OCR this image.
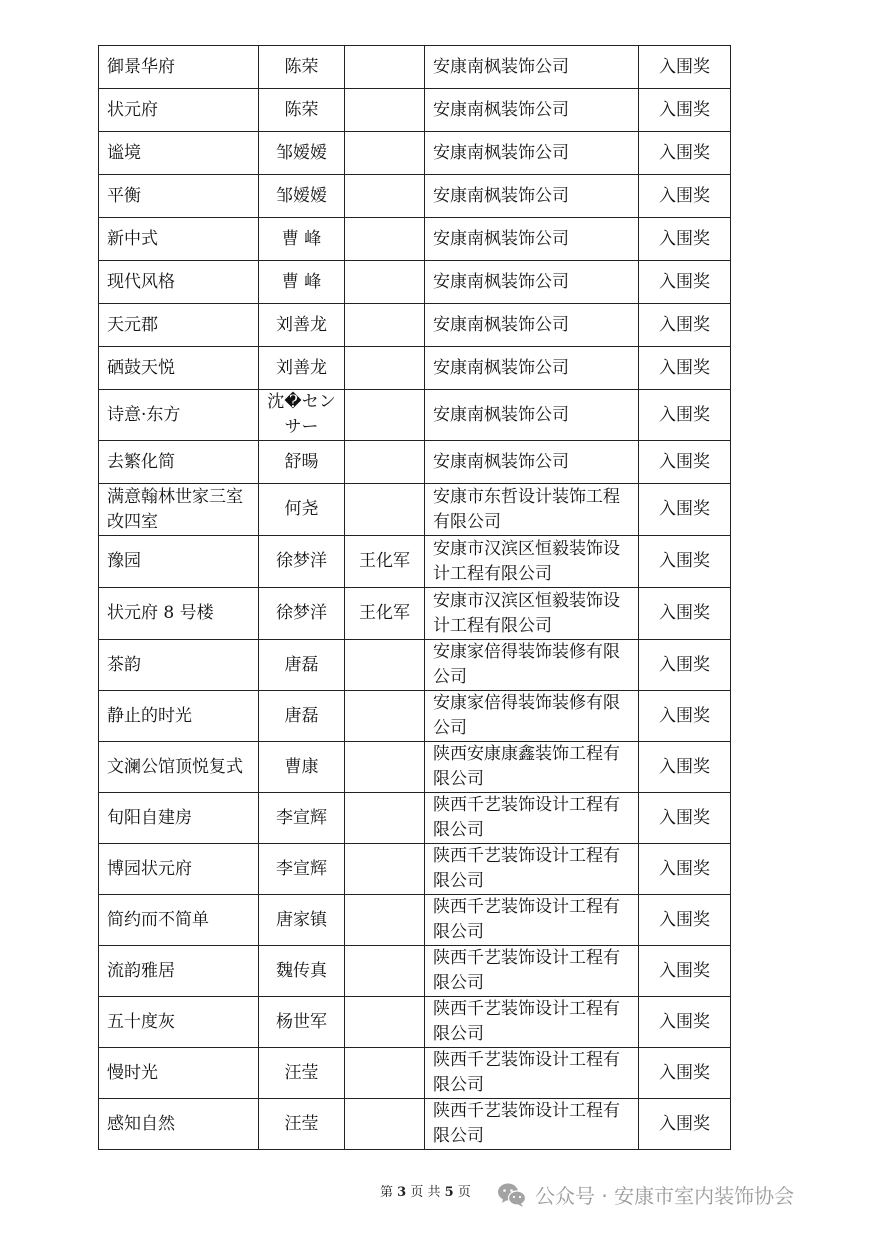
御景华府	陈荣		安康南枫装饰公司	入围奖
状元府	陈荣		安康南枫装饰公司	入围奖
谧境	邹嫒嫒		安康南枫装饰公司	入围奖
平衡	邹嫒嫒		安康南枫装饰公司	入围奖
新中式	曹 峰		安康南枫装饰公司	入围奖
现代风格	曹 峰		安康南枫装饰公司	入围奖
天元郡	刘善龙		安康南枫装饰公司	入围奖
硒鼓天悦	刘善龙		安康南枫装饰公司	入围奖
诗意·东方	沈�センサー		安康南枫装饰公司	入围奖
去繁化简	舒暘		安康南枫装饰公司	入围奖
满意翰林世家三室改四室	何尧		安康市东哲设计装饰工程有限公司	入围奖
豫园	徐梦洋	王化军	安康市汉滨区恒毅装饰设计工程有限公司	入围奖
状元府 8 号楼	徐梦洋	王化军	安康市汉滨区恒毅装饰设计工程有限公司	入围奖
茶韵	唐磊		安康家倍得装饰装修有限公司	入围奖
静止的时光	唐磊		安康家倍得装饰装修有限公司	入围奖
文澜公馆顶悦复式	曹康		陕西安康康鑫装饰工程有限公司	入围奖
旬阳自建房	李宣辉		陕西千艺装饰设计工程有限公司	入围奖
博园状元府	李宣辉		陕西千艺装饰设计工程有限公司	入围奖
简约而不简单	唐家镇		陕西千艺装饰设计工程有限公司	入围奖
流韵雅居	魏传真		陕西千艺装饰设计工程有限公司	入围奖
五十度灰	杨世军		陕西千艺装饰设计工程有限公司	入围奖
慢时光	汪莹		陕西千艺装饰设计工程有限公司	入围奖
感知自然	汪莹		陕西千艺装饰设计工程有限公司	入围奖
第 3 页 共 5 页	公众号 · 安康市室内装饰协会
